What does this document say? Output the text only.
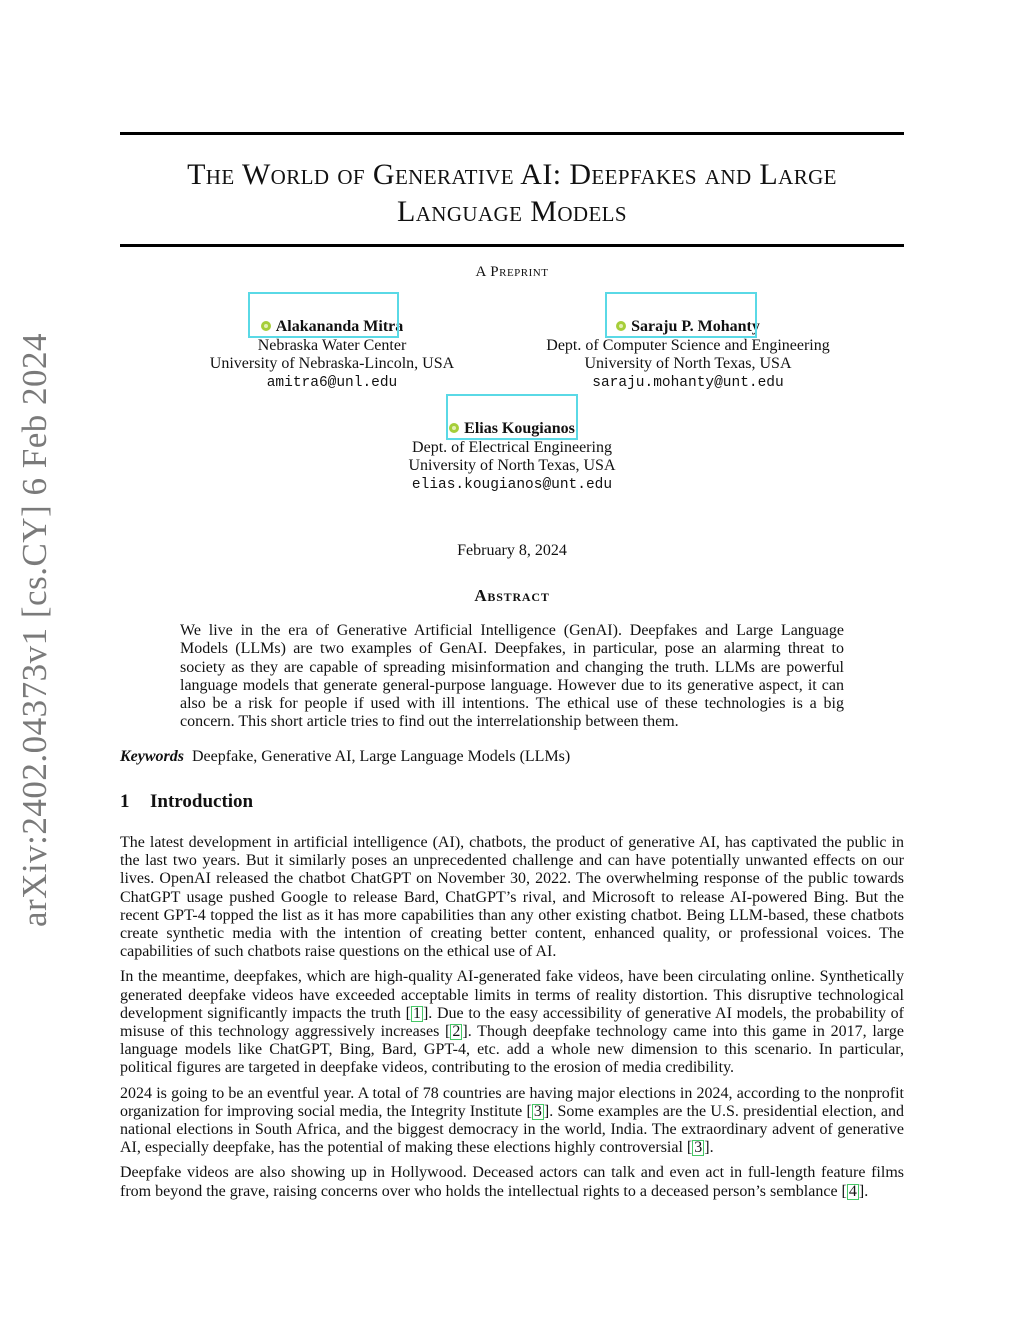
arXiv:2402.04373v1 [cs.CY] 6 Feb 2024
The World of Generative AI: Deepfakes and Large
Language Models
A Preprint
Alakananda Mitra
Nebraska Water Center
University of Nebraska-Lincoln, USA
amitra6@unl.edu
Saraju P. Mohanty
Dept. of Computer Science and Engineering
University of North Texas, USA
saraju.mohanty@unt.edu
Elias Kougianos
Dept. of Electrical Engineering
University of North Texas, USA
elias.kougianos@unt.edu
February 8, 2024
Abstract

We live in the era of Generative Artificial Intelligence (GenAI). Deepfakes and Large Language Models (LLMs) are two examples of GenAI. Deepfakes, in particular, pose an alarming threat to society as they are capable of spreading misinformation and changing the truth. LLMs are powerful language models that generate general-purpose language. However due to its generative aspect, it can also be a risk for people if used with ill intentions. The ethical use of these technologies is a big concern. This short article tries to find out the interrelationship between them.

Keywords Deepfake, Generative AI, Large Language Models (LLMs)
1 Introduction

The latest development in artificial intelligence (AI), chatbots, the product of generative AI, has captivated the public in the last two years. But it similarly poses an unprecedented challenge and can have potentially unwanted effects on our lives. OpenAI released the chatbot ChatGPT on November 30, 2022. The overwhelming response of the public towards ChatGPT usage pushed Google to release Bard, ChatGPT’s rival, and Microsoft to release AI-powered Bing. But the recent GPT-4 topped the list as it has more capabilities than any other existing chatbot. Being LLM-based, these chatbots create synthetic media with the intention of creating better content, enhanced quality, or professional voices. The capabilities of such chatbots raise questions on the ethical use of AI.

In the meantime, deepfakes, which are high-quality AI-generated fake videos, have been circulating online. Synthetically generated deepfake videos have exceeded acceptable limits in terms of reality distortion. This disruptive technological development significantly impacts the truth [ 1 ]. Due to the easy accessibility of generative AI models, the probability of misuse of this technology aggressively increases [ 2 ]. Though deepfake technology came into this game in 2017, large language models like ChatGPT, Bing, Bard, GPT-4, etc. add a whole new dimension to this scenario. In particular, political figures are targeted in deepfake videos, contributing to the erosion of media credibility.

2024 is going to be an eventful year. A total of 78 countries are having major elections in 2024, according to the nonprofit organization for improving social media, the Integrity Institute [ 3 ]. Some examples are the U.S. presidential election, and national elections in South Africa, and the biggest democracy in the world, India. The extraordinary advent of generative AI, especially deepfake, has the potential of making these elections highly controversial [ 3 ].

Deepfake videos are also showing up in Hollywood. Deceased actors can talk and even act in full-length feature films from beyond the grave, raising concerns over who holds the intellectual rights to a deceased person’s semblance [ 4 ].
